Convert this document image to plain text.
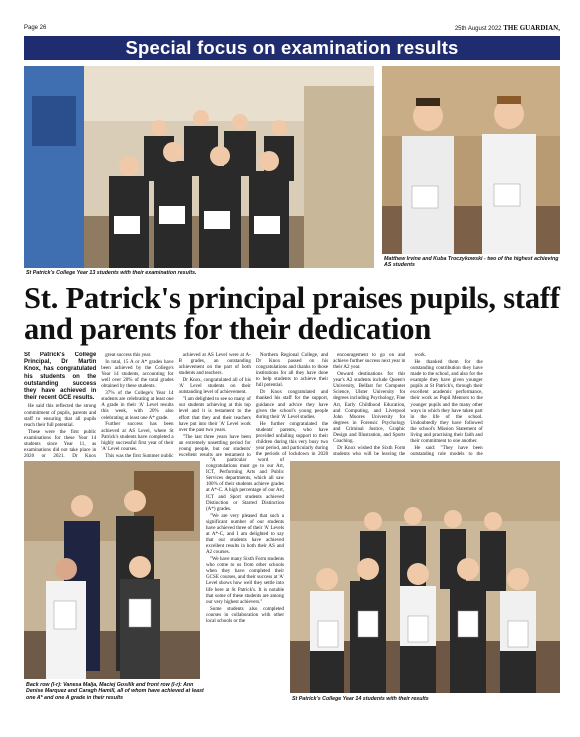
Page 26	25th August 2022 THE GUARDIAN,
Special focus on examination results
St Patrick's College Year 13 students with their examination results.
Matthew Irvine and Kuba Troczykowski - two of the highest achieving AS students
St. Patrick's principal praises pupils, staff and parents for their dedication

St Patrick's College Principal, Dr Martin Knox, has congratulated his students on the outstanding success they have achieved in their recent GCE results.

He said this reflected the strong commitment of pupils, parents and staff to ensuring that all pupils reach their full potential.

These were the first public examinations for these Year 14 students since Year 11, as examinations did not take place in 2020 or 2021. Dr Knox

great success this year.

In total, 15 A or A* grades have been achieved by the College's Year 14 students, accounting for well over 20% of the total grades obtained by these students.

37% of the College's Year 14 students are celebrating at least one A grade in their 'A' Level results this week, with 20% also celebrating at least one A* grade.

Further success has been achieved at AS Level, where St Patrick's students have completed a highly successful first year of their 'A' Level courses.

This was the first Summer public

achieved at AS Level were at A-B grades, an outstanding achievement on the part of both students and teachers.

Dr Knox, congratulated all of his 'A' Level students on their outstanding level of achievement.

"I am delighted to see so many of our students achieving at this top level and it is testament to the effort that they and their teachers have put into their 'A' Level work over the past two years.

"The last three years have been an extremely unsettling period for young people, but our students' excellent results are testament to

Northern Regional College, and Dr Knox passed on his congratulations and thanks to those institutions for all they have done to help students to achieve their full potential.

Dr Knox congratulated and thanked his staff for the support, guidance and advice they have given the school's young people during their 'A' Level studies.

He further congratulated the students' parents, who have provided unfailing support to their children during this very busy two year period, and particularly during the periods of lockdown in 2020

encouragement to go on and achieve further success next year in their A2 year.

Onward destinations for this year's A2 students include Queen's University, Belfast for Computer Science, Ulster University for degrees including Psychology, Fine Art, Early Childhood Education, and Computing, and Liverpool John Moores University for degrees in Forensic Psychology and Criminal Justice, Graphic Design and Illustration, and Sports Coaching.

Dr Knox wished the Sixth Form students who will be leaving the

work.

He thanked them for the outstanding contribution they have made to the school, and also for the example they have given younger pupils at St Patrick's, through their excellent academic performance, their work as Pupil Mentors to the younger pupils and the many other ways in which they have taken part in the life of the school. Undoubtedly they have followed the school's Mission Statement of living and practising their faith and their commitment to one another.

He said: "They have been outstanding role models to the

Back row (l-r): Vanesa Malja, Maciej Gosilik and front row (l-r): Ann Denise Marquez and Caragh Hamill, all of whom have achieved at least one A* and one A grade in their results

"A particular word of congratulations must go to our Art, ICT, Performing Arts and Public Services departments, which all saw 100% of their students achieve grades at A*-C. A high percentage of our Art, ICT and Sport students achieved Distinction or Starred Distinction (A*) grades.

"We are very pleased that such a significant number of our students have achieved three of their 'A' Levels at A*-C, and I am delighted to say that our students have achieved excellent results in both their AS and A2 courses.

"We have many Sixth Form students who come to us from other schools when they have completed their GCSE courses, and their success at 'A' Level shows how well they settle into life here at St Patrick's. It is notable that some of these students are among our very highest achievers."

Some students also completed courses in collaboration with other local schools or the

St Patrick's College Year 14 students with their results
